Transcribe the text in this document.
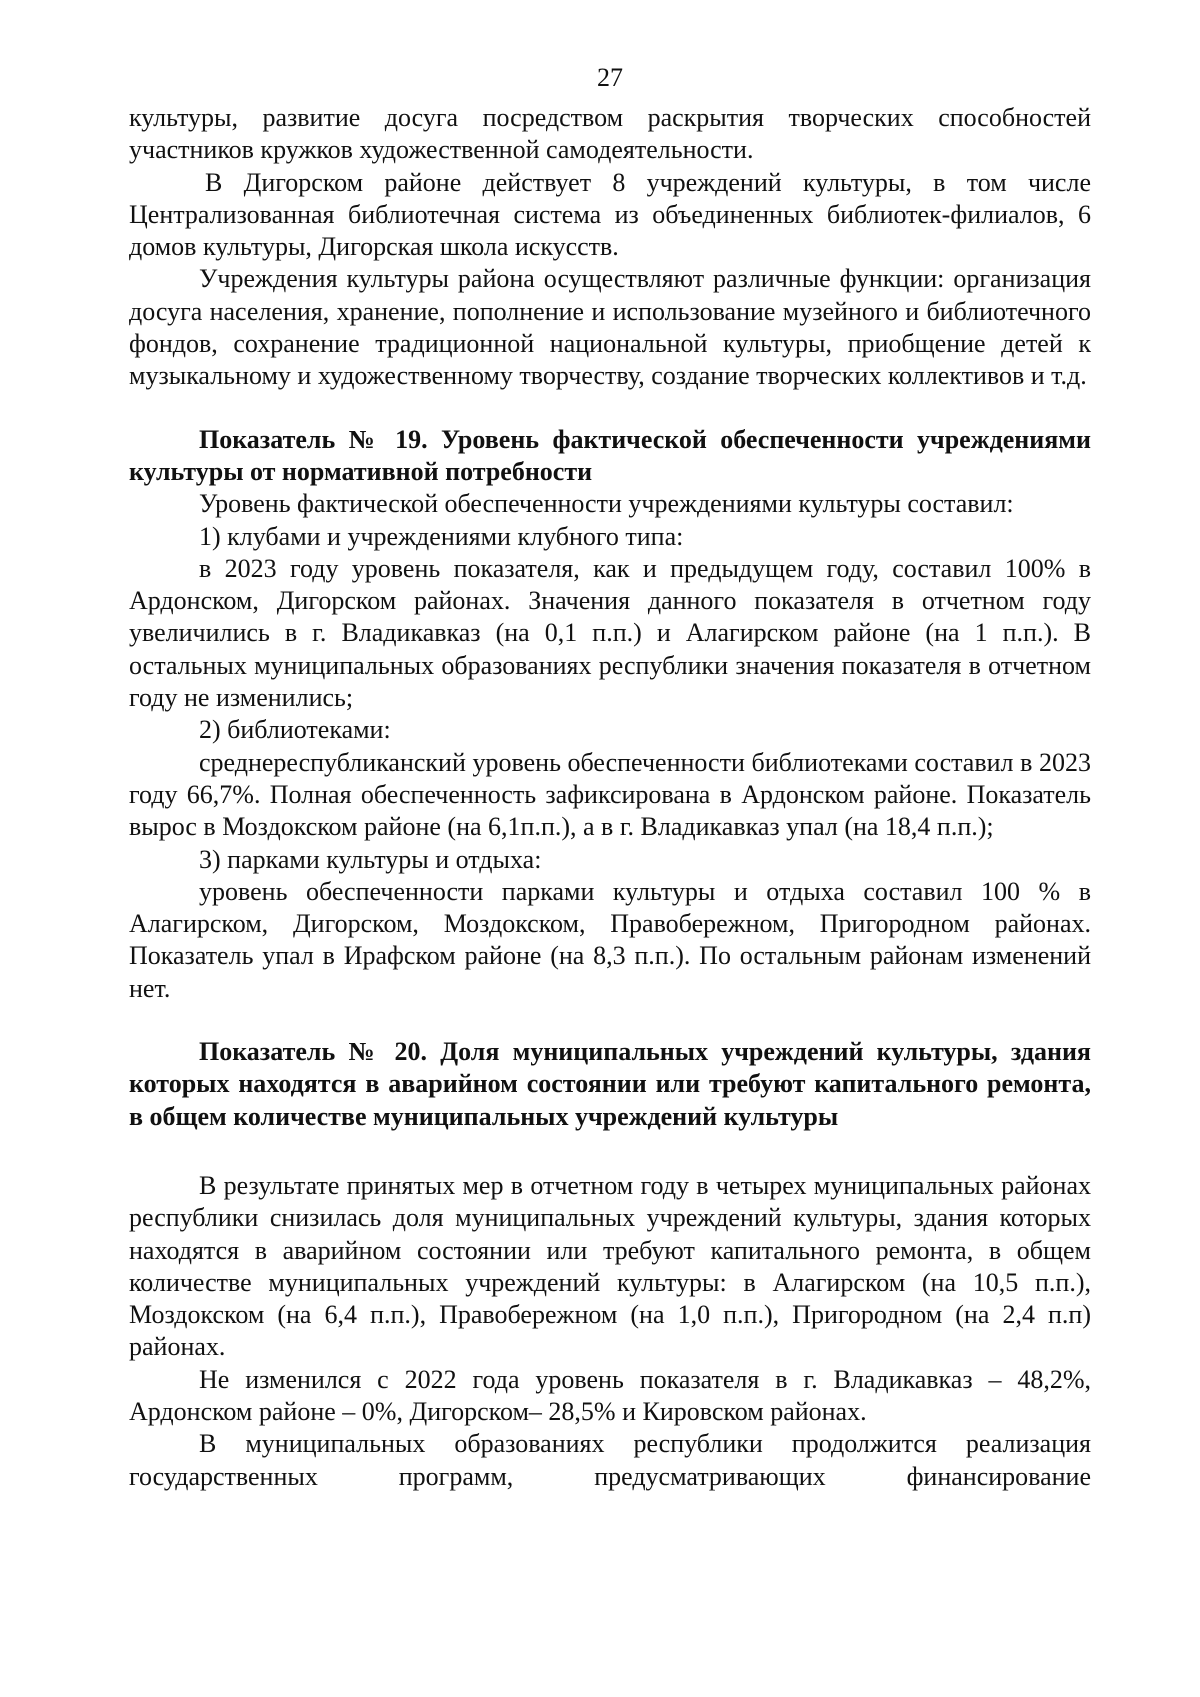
27

культуры, развитие досуга посредством раскрытия творческих способностей участников кружков художественной самодеятельности.

В Дигорском районе действует 8 учреждений культуры, в том числе Централизованная библиотечная система из объединенных библиотек-филиалов, 6 домов культуры, Дигорская школа искусств.

Учреждения культуры района осуществляют различные функции: организация досуга населения, хранение, пополнение и использование музейного и библиотечного фондов, сохранение традиционной национальной культуры, приобщение детей к музыкальному и художественному творчеству, создание творческих коллективов и т.д.

Показатель № 19. Уровень фактической обеспеченности учреждениями культуры от нормативной потребности

Уровень фактической обеспеченности учреждениями культуры составил:

1) клубами и учреждениями клубного типа:

в 2023 году уровень показателя, как и предыдущем году, составил 100% в Ардонском, Дигорском районах. Значения данного показателя в отчетном году увеличились в г. Владикавказ (на 0,1 п.п.) и Алагирском районе (на 1 п.п.). В остальных муниципальных образованиях республики значения показателя в отчетном году не изменились;

2) библиотеками:

среднереспубликанский уровень обеспеченности библиотеками составил в 2023 году 66,7%. Полная обеспеченность зафиксирована в Ардонском районе. Показатель вырос в Моздокском районе (на 6,1п.п.), а в г. Владикавказ упал (на 18,4 п.п.);

3) парками культуры и отдыха:

уровень обеспеченности парками культуры и отдыха составил 100 % в Алагирском, Дигорском, Моздокском, Правобережном, Пригородном районах. Показатель упал в Ирафском районе (на 8,3 п.п.). По остальным районам изменений нет.

Показатель № 20. Доля муниципальных учреждений культуры, здания которых находятся в аварийном состоянии или требуют капитального ремонта, в общем количестве муниципальных учреждений культуры

В результате принятых мер в отчетном году в четырех муниципальных районах республики снизилась доля муниципальных учреждений культуры, здания которых находятся в аварийном состоянии или требуют капитального ремонта, в общем количестве муниципальных учреждений культуры: в Алагирском (на 10,5 п.п.), Моздокском (на 6,4 п.п.), Правобережном (на 1,0 п.п.), Пригородном (на 2,4 п.п) районах.

Не изменился с 2022 года уровень показателя в г. Владикавказ – 48,2%, Ардонском районе – 0%, Дигорском– 28,5% и Кировском районах.

В муниципальных образованиях республики продолжится реализация государственных программ, предусматривающих финансирование
